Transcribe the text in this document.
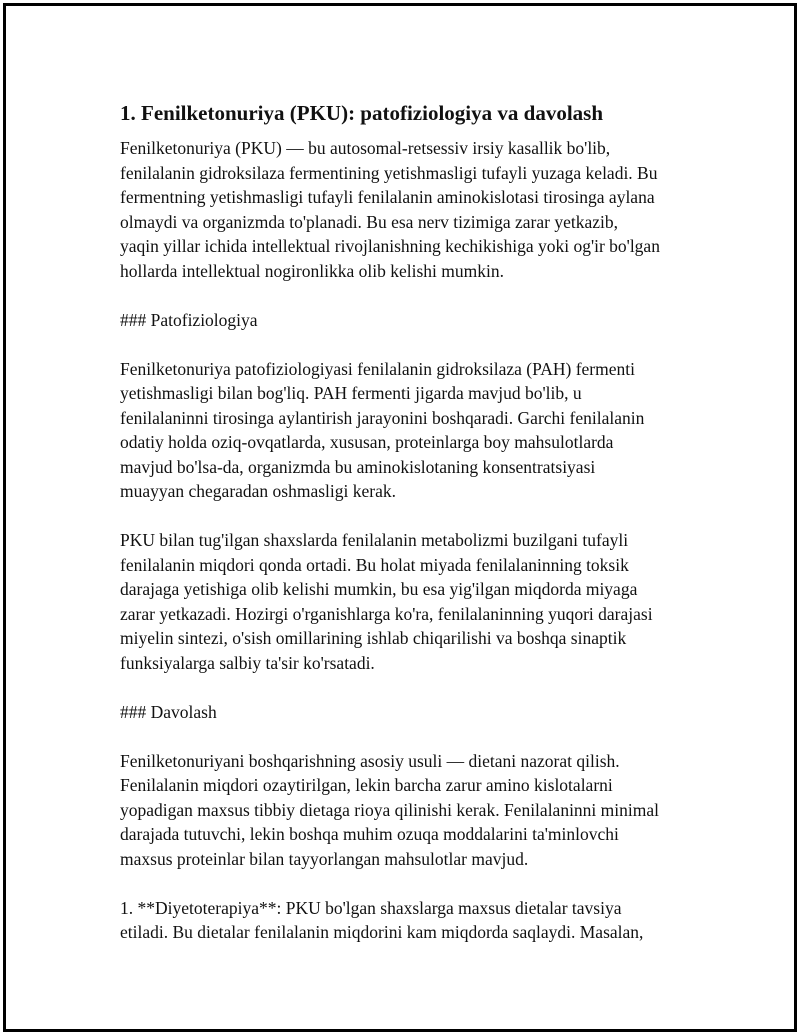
1. Fenilketonuriya (PKU): patofiziologiya va davolash

Fenilketonuriya (PKU) — bu autosomal-retsessiv irsiy kasallik bo'lib,
fenilalanin gidroksilaza fermentining yetishmasligi tufayli yuzaga keladi. Bu
fermentning yetishmasligi tufayli fenilalanin aminokislotasi tirosinga aylana
olmaydi va organizmda to'planadi. Bu esa nerv tizimiga zarar yetkazib,
yaqin yillar ichida intellektual rivojlanishning kechikishiga yoki og'ir bo'lgan
hollarda intellektual nogironlikka olib kelishi mumkin.

### Patofiziologiya

Fenilketonuriya patofiziologiyasi fenilalanin gidroksilaza (PAH) fermenti
yetishmasligi bilan bog'liq. PAH fermenti jigarda mavjud bo'lib, u
fenilalaninni tirosinga aylantirish jarayonini boshqaradi. Garchi fenilalanin
odatiy holda oziq-ovqatlarda, xususan, proteinlarga boy mahsulotlarda
mavjud bo'lsa-da, organizmda bu aminokislotaning konsentratsiyasi
muayyan chegaradan oshmasligi kerak.

PKU bilan tug'ilgan shaxslarda fenilalanin metabolizmi buzilgani tufayli
fenilalanin miqdori qonda ortadi. Bu holat miyada fenilalaninning toksik
darajaga yetishiga olib kelishi mumkin, bu esa yig'ilgan miqdorda miyaga
zarar yetkazadi. Hozirgi o'rganishlarga ko'ra, fenilalaninning yuqori darajasi
miyelin sintezi, o'sish omillarining ishlab chiqarilishi va boshqa sinaptik
funksiyalarga salbiy ta'sir ko'rsatadi.

### Davolash

Fenilketonuriyani boshqarishning asosiy usuli — dietani nazorat qilish.
Fenilalanin miqdori ozaytirilgan, lekin barcha zarur amino kislotalarni
yopadigan maxsus tibbiy dietaga rioya qilinishi kerak. Fenilalaninni minimal
darajada tutuvchi, lekin boshqa muhim ozuqa moddalarini ta'minlovchi
maxsus proteinlar bilan tayyorlangan mahsulotlar mavjud.

1. **Diyetoterapiya**: PKU bo'lgan shaxslarga maxsus dietalar tavsiya
etiladi. Bu dietalar fenilalanin miqdorini kam miqdorda saqlaydi. Masalan,
